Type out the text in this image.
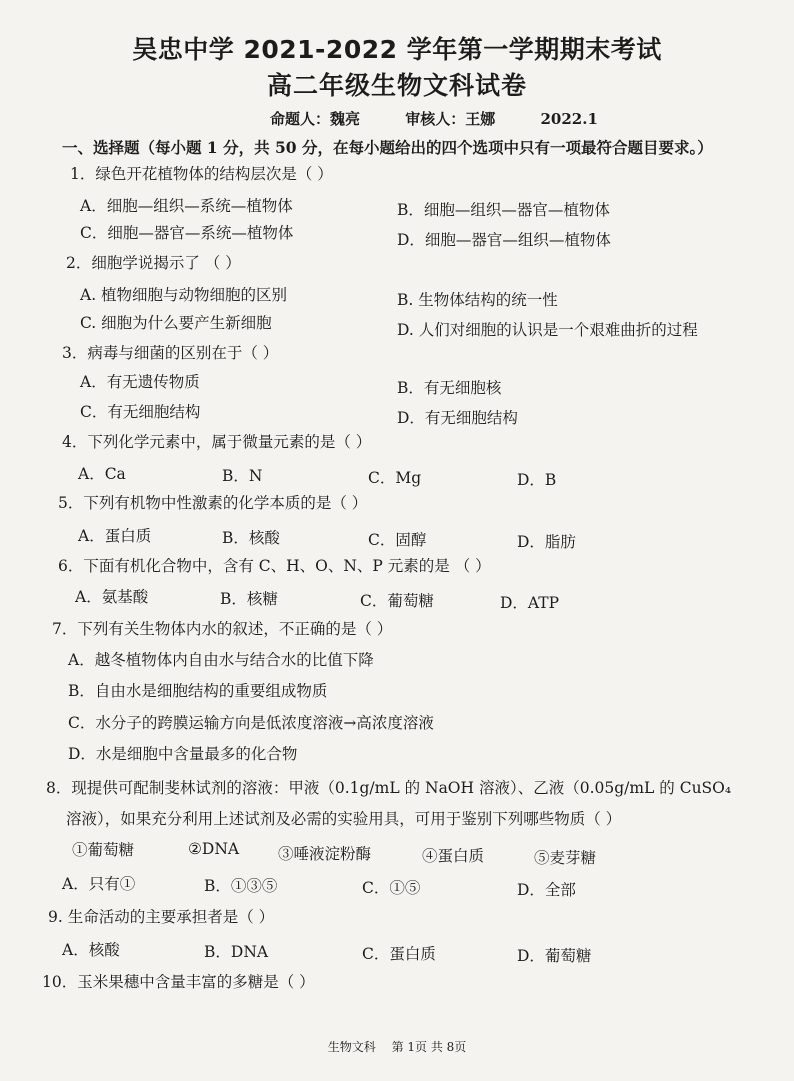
吴忠中学 2021-2022 学年第一学期期末考试
高二年级生物文科试卷
命题人：魏亮	审核人：王娜	2022.1
一、选择题（每小题 1 分，共 50 分，在每小题给出的四个选项中只有一项最符合题目要求。）
1．绿色开花植物体的结构层次是（ ）
A．细胞—组织—系统—植物体	B．细胞—组织—器官—植物体
C．细胞—器官—系统—植物体	D．细胞—器官—组织—植物体
2．细胞学说揭示了 （ ）
A. 植物细胞与动物细胞的区别	B. 生物体结构的统一性
C. 细胞为什么要产生新细胞	D. 人们对细胞的认识是一个艰难曲折的过程
3．病毒与细菌的区别在于（ ）
A．有无遗传物质	B．有无细胞核
C．有无细胞结构	D．有无细胞结构
4．下列化学元素中，属于微量元素的是（ ）
A．Ca	B．N	C．Mg	D．B
5．下列有机物中性激素的化学本质的是（ ）
A．蛋白质	B．核酸	C．固醇	D．脂肪
6．下面有机化合物中，含有 C、H、O、N、P 元素的是 （ ）
A．氨基酸	B．核糖	C．葡萄糖	D．ATP
7．下列有关生物体内水的叙述，不正确的是（ ）
A．越冬植物体内自由水与结合水的比值下降
B．自由水是细胞结构的重要组成物质
C．水分子的跨膜运输方向是低浓度溶液→高浓度溶液
D．水是细胞中含量最多的化合物
8．现提供可配制斐林试剂的溶液：甲液（0.1g/mL 的 NaOH 溶液）、乙液（0.05g/mL 的 CuSO₄
溶液），如果充分利用上述试剂及必需的实验用具，可用于鉴别下列哪些物质（ ）
①葡萄糖	②DNA	③唾液淀粉酶	④蛋白质	⑤麦芽糖
A．只有①	B．①③⑤	C．①⑤	D．全部
9. 生命活动的主要承担者是（ ）
A．核酸	B．DNA	C．蛋白质	D．葡萄糖
10．玉米果穗中含量丰富的多糖是（ ）
生物文科 第 1页 共 8页
